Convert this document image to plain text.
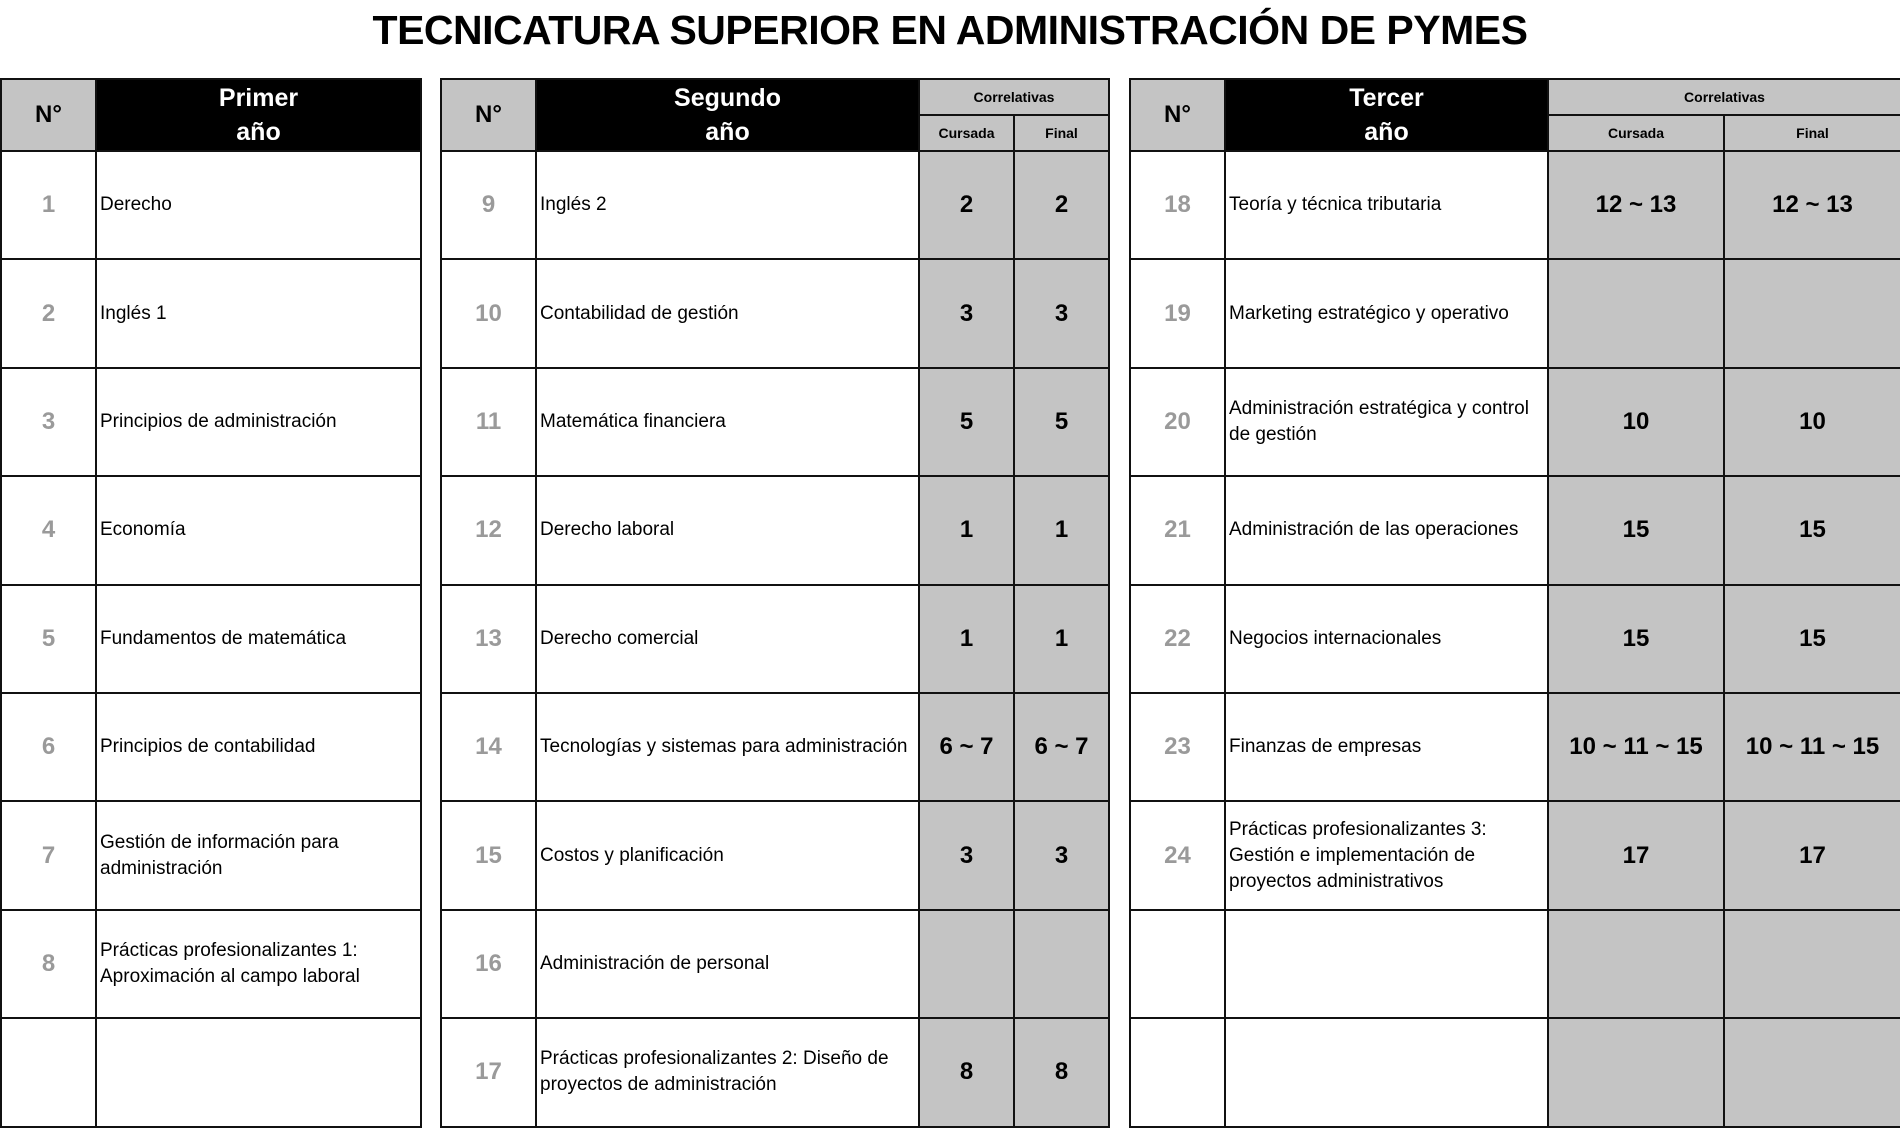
TECNICATURA SUPERIOR EN ADMINISTRACIÓN DE PYMES
N°	Primer
año

1	Derecho
2	Inglés 1
3	Principios de administración
4	Economía
5	Fundamentos de matemática
6	Principios de contabilidad
7	Gestión de información para administración
8	Prácticas profesionalizantes 1: Aproximación al campo laboral

N°	Segundo
año	Correlativas	
		Cursada	Final
9	Inglés 2	2	2
10	Contabilidad de gestión	3	3
11	Matemática financiera	5	5
12	Derecho laboral	1	1
13	Derecho comercial	1	1
14	Tecnologías y sistemas para administración	6 ~ 7	6 ~ 7
15	Costos y planificación	3	3
16	Administración de personal		
17	Prácticas profesionalizantes 2: Diseño de proyectos de administración	8	8
N°	Tercer
año	Correlativas	
		Cursada	Final
18	Teoría y técnica tributaria	12 ~ 13	12 ~ 13
19	Marketing estratégico y operativo		
20	Administración estratégica y control de gestión	10	10
21	Administración de las operaciones	15	15
22	Negocios internacionales	15	15
23	Finanzas de empresas	10 ~ 11 ~ 15	10 ~ 11 ~ 15
24	Prácticas profesionalizantes 3: Gestión e implementación de proyectos administrativos	17	17
